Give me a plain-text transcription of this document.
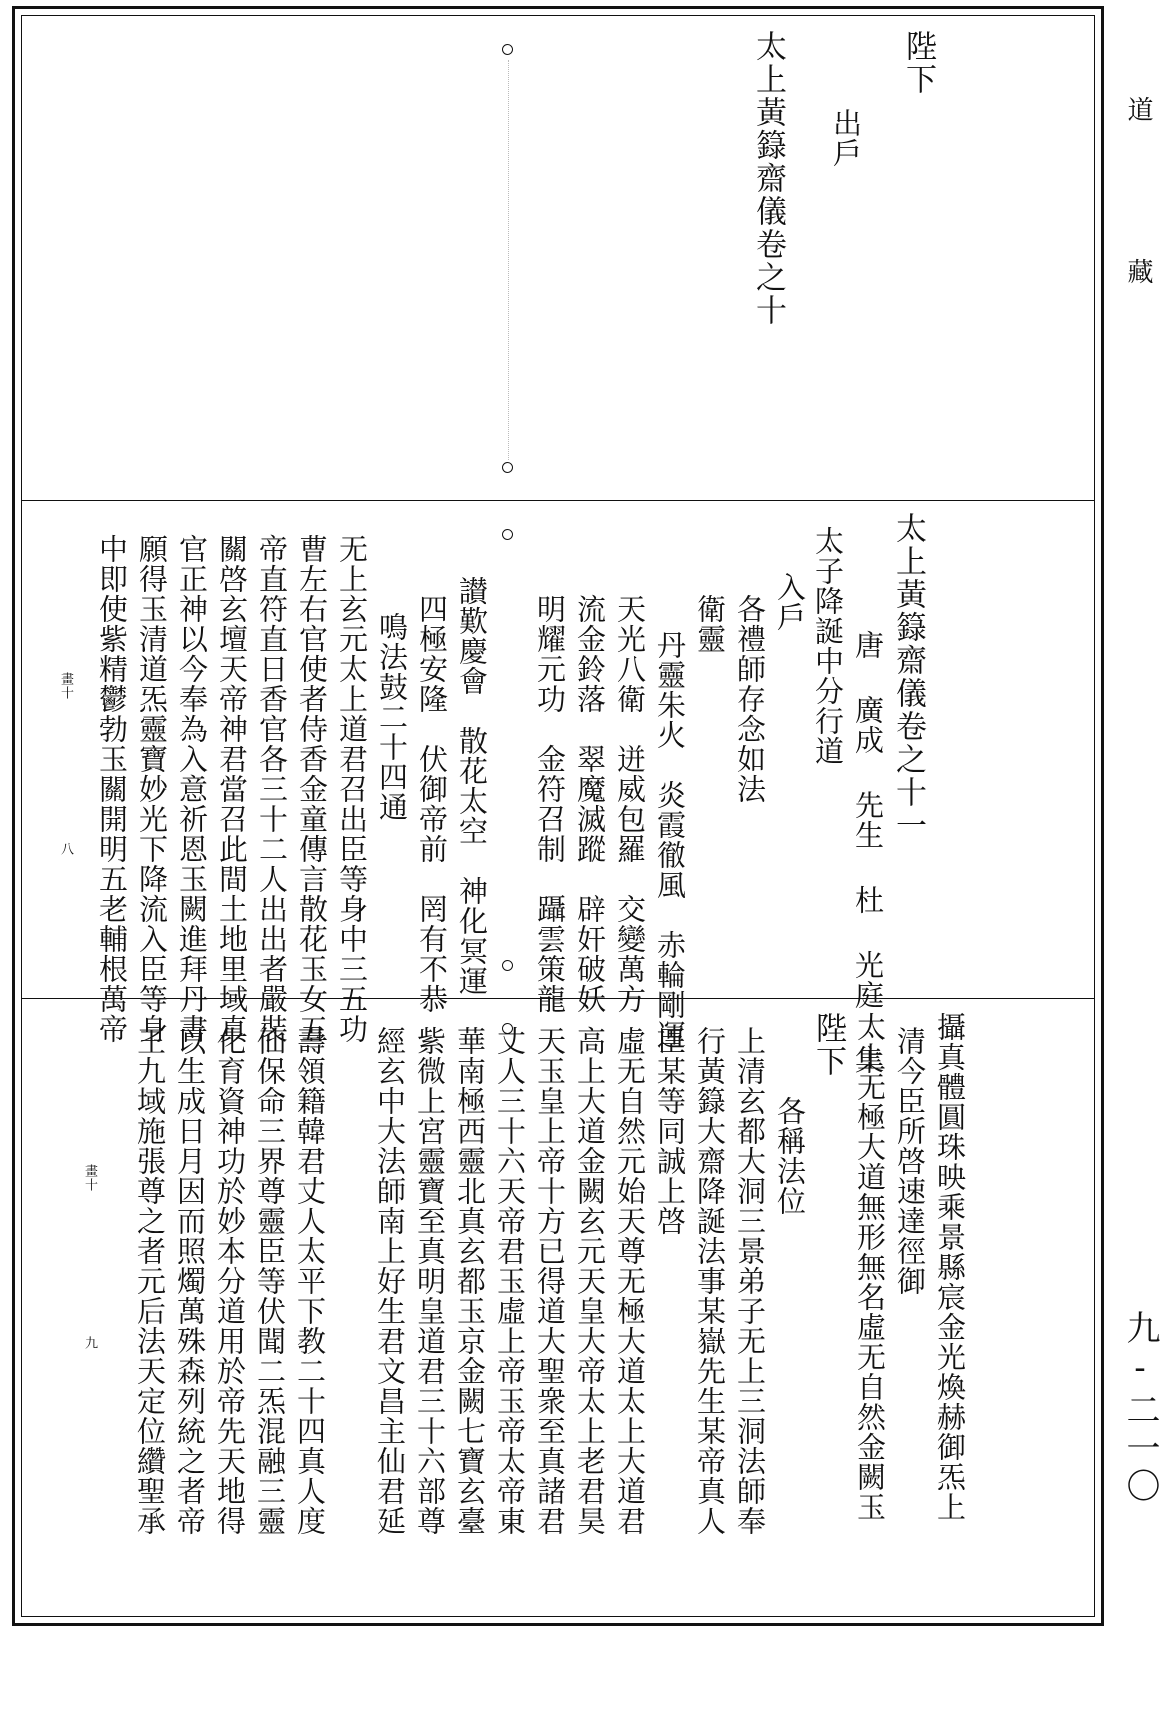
陛下
出戶
太上黃籙齋儀卷之十
太上黃籙齋儀卷之十一
唐 廣成 先生 杜 光庭 集
太子降誕中分行道
入戶
各禮師存念如法
衛靈
丹靈朱火　炎霞徹風　赤輪剛運
天光八衛　迸威包羅　交變萬方
流金鈴落　翠魔滅蹤　辟奸破妖
明耀元功　金符召制　躡雲策龍
讃歎慶會　散花太空　神化冥運
四極安隆　伏御帝前　罔有不恭
鳴法鼓二十四通
无上玄元太上道君召出臣等身中三五功
曹左右官使者侍香金童傳言散花玉女五
帝直符直日香官各三十二人出出者嚴裝
關啓玄壇天帝神君當召此間土地里域真
官正神以今奉為入意祈恩玉闕進拜丹書
願得玉清道炁靈寶妙光下降流入臣等身
中即使紫精鬱勃玉關開明五老輔根萬帝
畫十
八
攝真體圓珠映乘景縣宸金光煥赫御炁上
清今臣所啓速達徑御
太上无極大道無形無名虛无自然金闕玉
陛下
各稱法位
上清玄都大洞三景弟子无上三洞法師奉
行黃籙大齋降誕法事某嶽先生某帝真人
臣某等同誠上啓
虛无自然元始天尊无極大道太上大道君
高上大道金闕玄元天皇大帝太上老君昊
天玉皇上帝十方已得道大聖衆至真諸君
丈人三十六天帝君玉虛上帝玉帝太帝東
華南極西靈北真玄都玉京金闕七寶玄臺
紫微上宮靈寶至真明皇道君三十六部尊
經玄中大法師南上好生君文昌主仙君延
壽領籍韓君丈人太平下教二十四真人度
仙保命三界尊靈臣等伏聞二炁混融三靈
化育資神功於妙本分道用於帝先天地得
以生成日月因而照燭萬殊森列統之者帝
王九域施張尊之者元后法天定位纘聖承
畫十
九
道
藏
九-二一〇
